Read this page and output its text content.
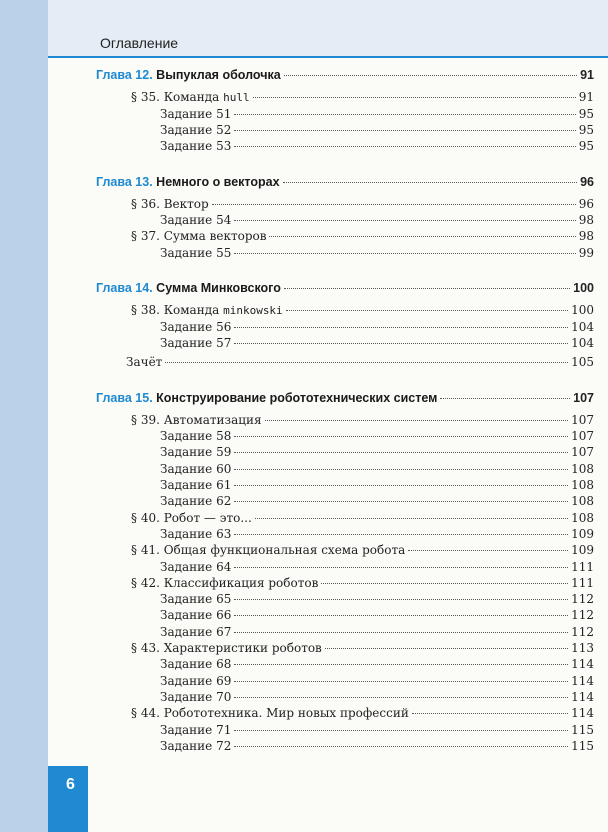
Оглавление
Глава 12. Выпуклая оболочка	91
§ 35. Команда hull	91
Задание 51	95
Задание 52	95
Задание 53	95
Глава 13. Немного о векторах	96
§ 36. Вектор	96
Задание 54	98
§ 37. Сумма векторов	98
Задание 55	99
Глава 14. Сумма Минковского	100
§ 38. Команда minkowski	100
Задание 56	104
Задание 57	104
Зачёт	105
Глава 15. Конструирование робототехнических систем	107
§ 39. Автоматизация	107
Задание 58	107
Задание 59	107
Задание 60	108
Задание 61	108
Задание 62	108
§ 40. Робот — это...	108
Задание 63	109
§ 41. Общая функциональная схема робота	109
Задание 64	111
§ 42. Классификация роботов	111
Задание 65	112
Задание 66	112
Задание 67	112
§ 43. Характеристики роботов	113
Задание 68	114
Задание 69	114
Задание 70	114
§ 44. Робототехника. Мир новых профессий	114
Задание 71	115
Задание 72	115
6
